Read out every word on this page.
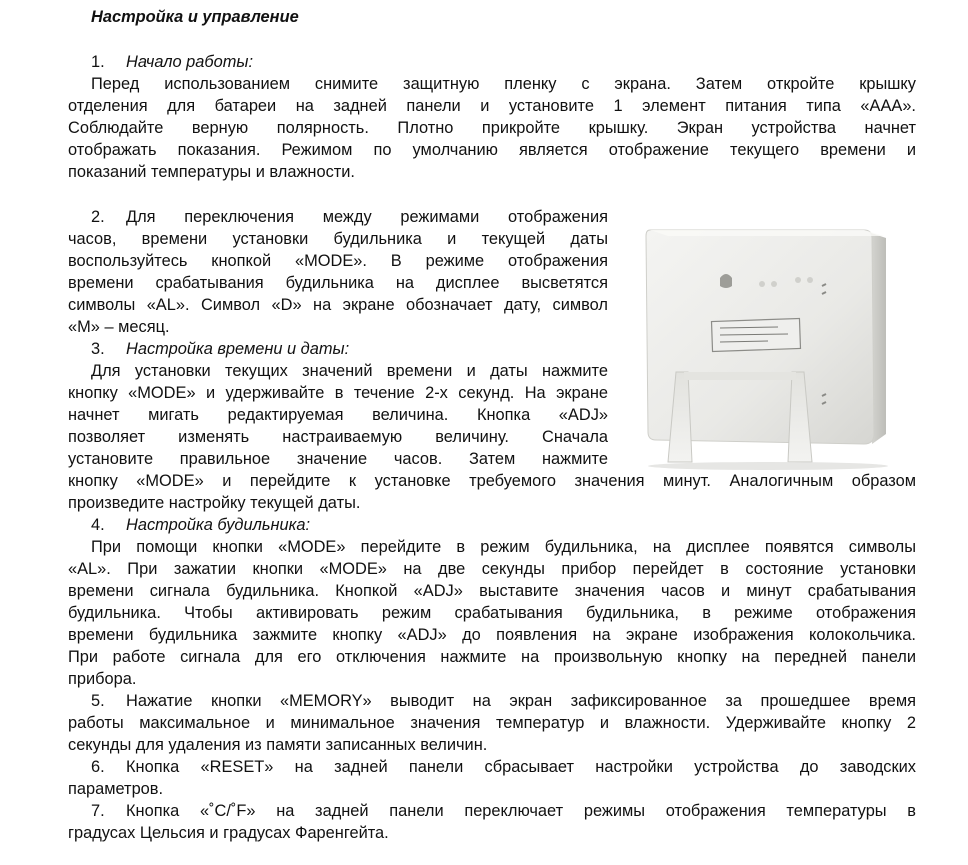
Настройка и управление
1. Начало работы:
Перед использованием снимите защитную пленку с экрана. Затем откройте крышку
отделения для батареи на задней панели и установите 1 элемент питания типа «ААА».
Соблюдайте верную полярность. Плотно прикройте крышку. Экран устройства начнет
отображать показания. Режимом по умолчанию является отображение текущего времени и
показаний температуры и влажности.
2. Для переключения между режимами отображения
часов, времени установки будильника и текущей даты
воспользуйтесь кнопкой «MODE». В режиме отображения
времени срабатывания будильника на дисплее высветятся
символы «AL». Символ «D» на экране обозначает дату, символ
«M» – месяц.
3. Настройка времени и даты:
Для установки текущих значений времени и даты нажмите
кнопку «MODE» и удерживайте в течение 2-х секунд. На экране
начнет мигать редактируемая величина. Кнопка «ADJ»
позволяет изменять настраиваемую величину. Сначала
установите правильное значение часов. Затем нажмите
кнопку «MODE» и перейдите к установке требуемого значения минут. Аналогичным образом
произведите настройку текущей даты.
4. Настройка будильника:
При помощи кнопки «MODE» перейдите в режим будильника, на дисплее появятся символы
«AL». При зажатии кнопки «MODE» на две секунды прибор перейдет в состояние установки
времени сигнала будильника. Кнопкой «ADJ» выставите значения часов и минут срабатывания
будильника. Чтобы активировать режим срабатывания будильника, в режиме отображения
времени будильника зажмите кнопку «ADJ» до появления на экране изображения колокольчика.
При работе сигнала для его отключения нажмите на произвольную кнопку на передней панели
прибора.
5. Нажатие кнопки «MEMORY» выводит на экран зафиксированное за прошедшее время
работы максимальное и минимальное значения температур и влажности. Удерживайте кнопку 2
секунды для удаления из памяти записанных величин.
6. Кнопка «RESET» на задней панели сбрасывает настройки устройства до заводских
параметров.
7. Кнопка «˚C/˚F» на задней панели переключает режимы отображения температуры в
градусах Цельсия и градусах Фаренгейта.
